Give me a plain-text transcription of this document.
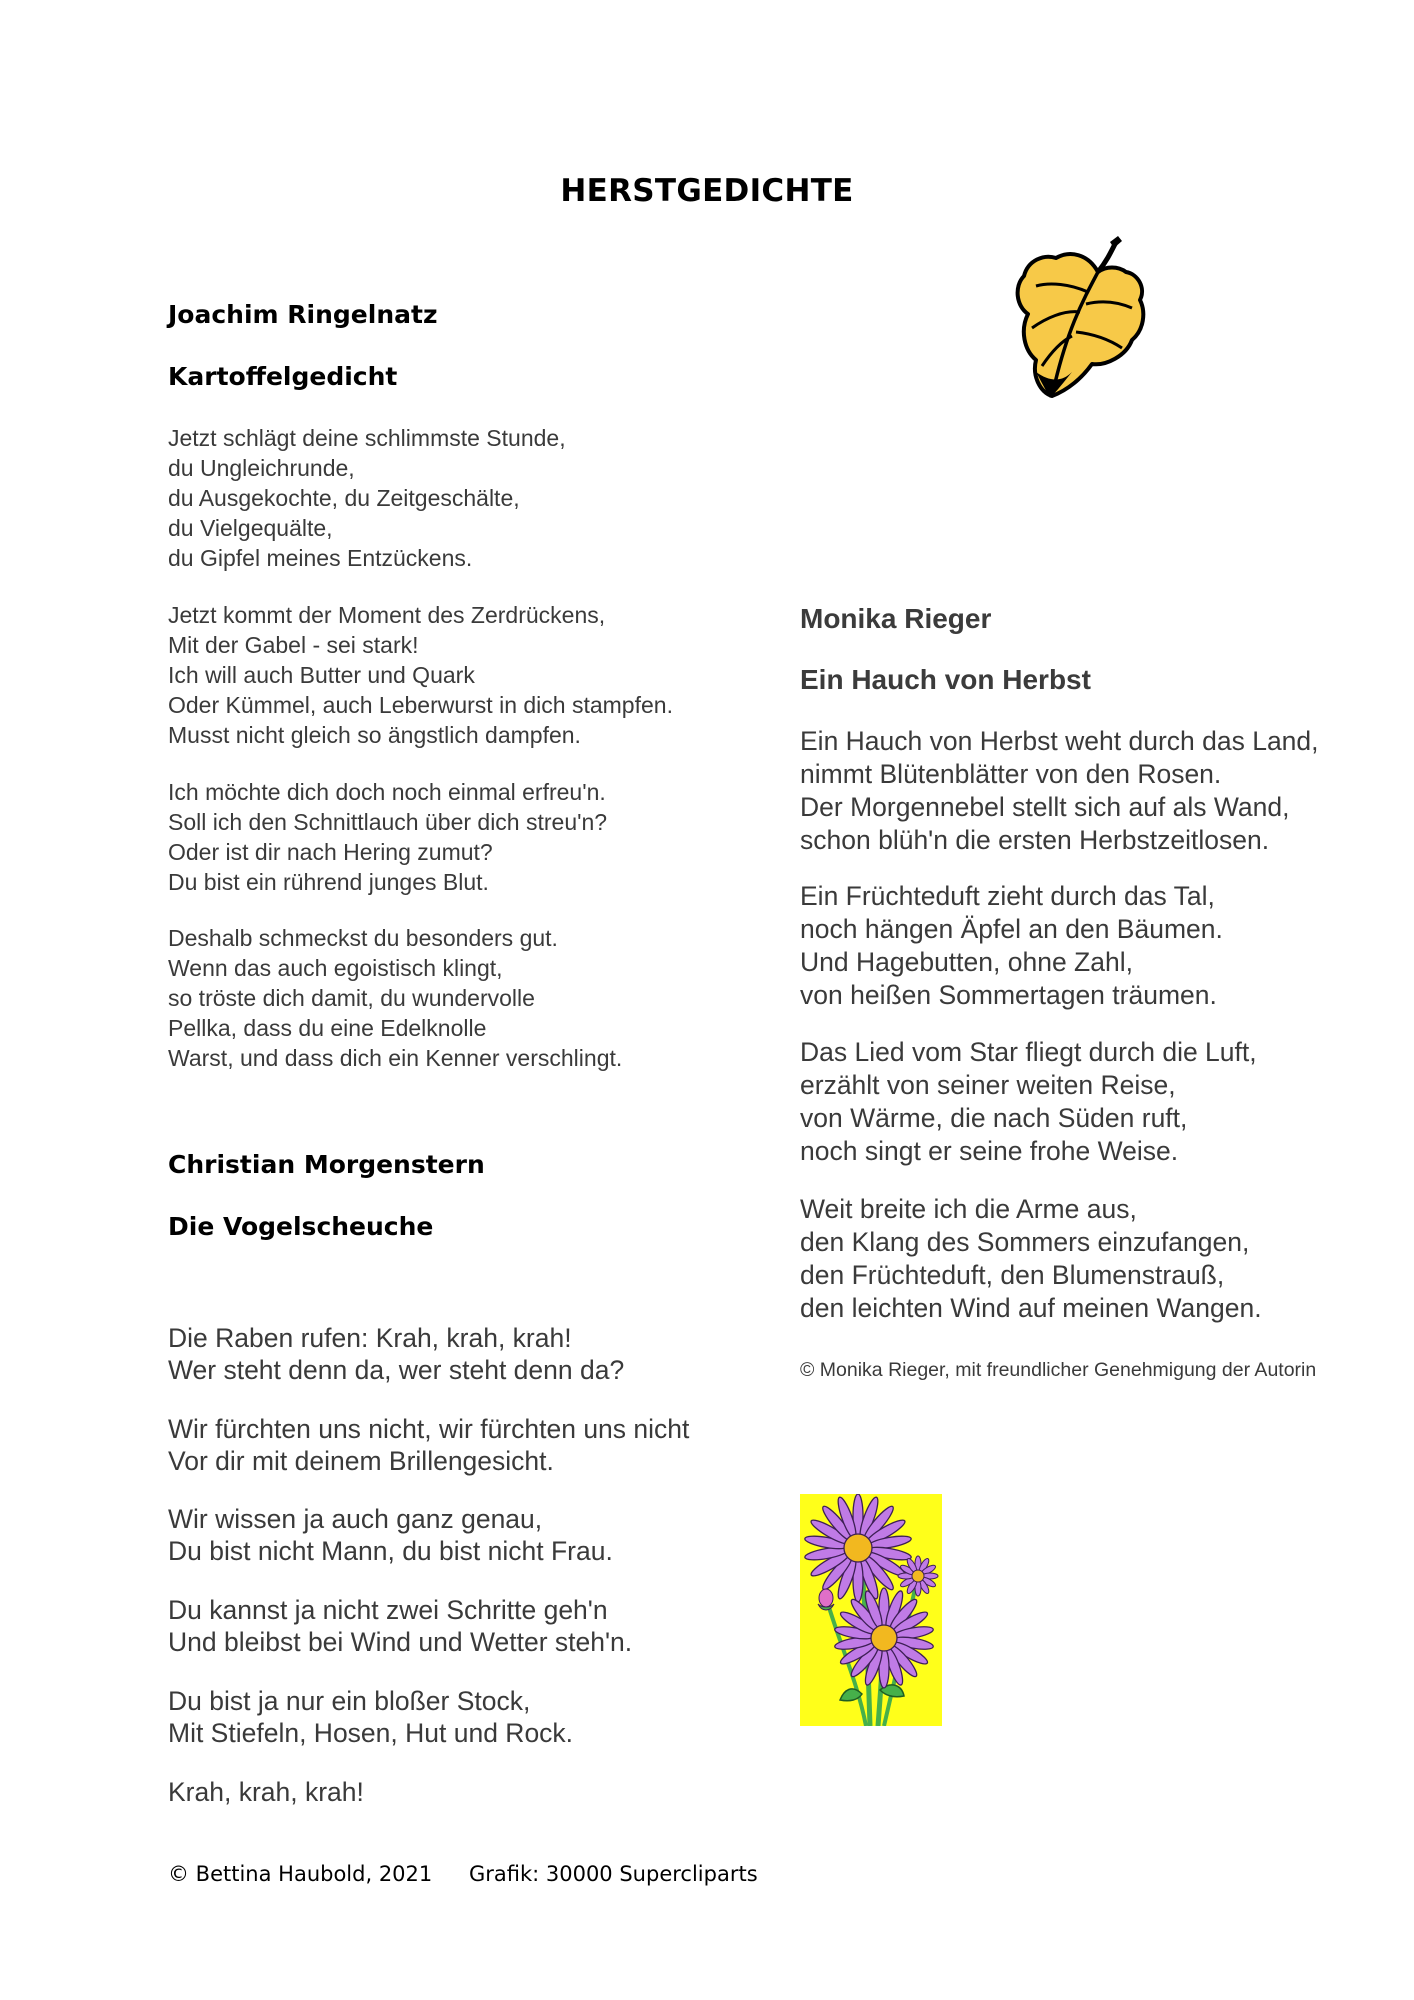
HERSTGEDICHTE
Joachim Ringelnatz
Kartoffelgedicht

Jetzt schlägt deine schlimmste Stunde,
du Ungleichrunde,
du Ausgekochte, du Zeitgeschälte,
du Vielgequälte,
du Gipfel meines Entzückens.

Jetzt kommt der Moment des Zerdrückens,
Mit der Gabel - sei stark!
Ich will auch Butter und Quark
Oder Kümmel, auch Leberwurst in dich stampfen.
Musst nicht gleich so ängstlich dampfen.

Ich möchte dich doch noch einmal erfreu'n.
Soll ich den Schnittlauch über dich streu'n?
Oder ist dir nach Hering zumut?
Du bist ein rührend junges Blut.

Deshalb schmeckst du besonders gut.
Wenn das auch egoistisch klingt,
so tröste dich damit, du wundervolle
Pellka, dass du eine Edelknolle
Warst, und dass dich ein Kenner verschlingt.

Christian Morgenstern
Die Vogelscheuche

Die Raben rufen: Krah, krah, krah!
Wer steht denn da, wer steht denn da?

Wir fürchten uns nicht, wir fürchten uns nicht
Vor dir mit deinem Brillengesicht.

Wir wissen ja auch ganz genau,
Du bist nicht Mann, du bist nicht Frau.

Du kannst ja nicht zwei Schritte geh'n
Und bleibst bei Wind und Wetter steh'n.

Du bist ja nur ein bloßer Stock,
Mit Stiefeln, Hosen, Hut und Rock.

Krah, krah, krah!

Monika Rieger
Ein Hauch von Herbst

Ein Hauch von Herbst weht durch das Land,
nimmt Blütenblätter von den Rosen.
Der Morgennebel stellt sich auf als Wand,
schon blüh'n die ersten Herbstzeitlosen.

Ein Früchteduft zieht durch das Tal,
noch hängen Äpfel an den Bäumen.
Und Hagebutten, ohne Zahl,
von heißen Sommertagen träumen.

Das Lied vom Star fliegt durch die Luft,
erzählt von seiner weiten Reise,
von Wärme, die nach Süden ruft,
noch singt er seine frohe Weise.

Weit breite ich die Arme aus,
den Klang des Sommers einzufangen,
den Früchteduft, den Blumenstrauß,
den leichten Wind auf meinen Wangen.

© Monika Rieger, mit freundlicher Genehmigung der Autorin
© Bettina Haubold, 2021 Grafik: 30000 Supercliparts
